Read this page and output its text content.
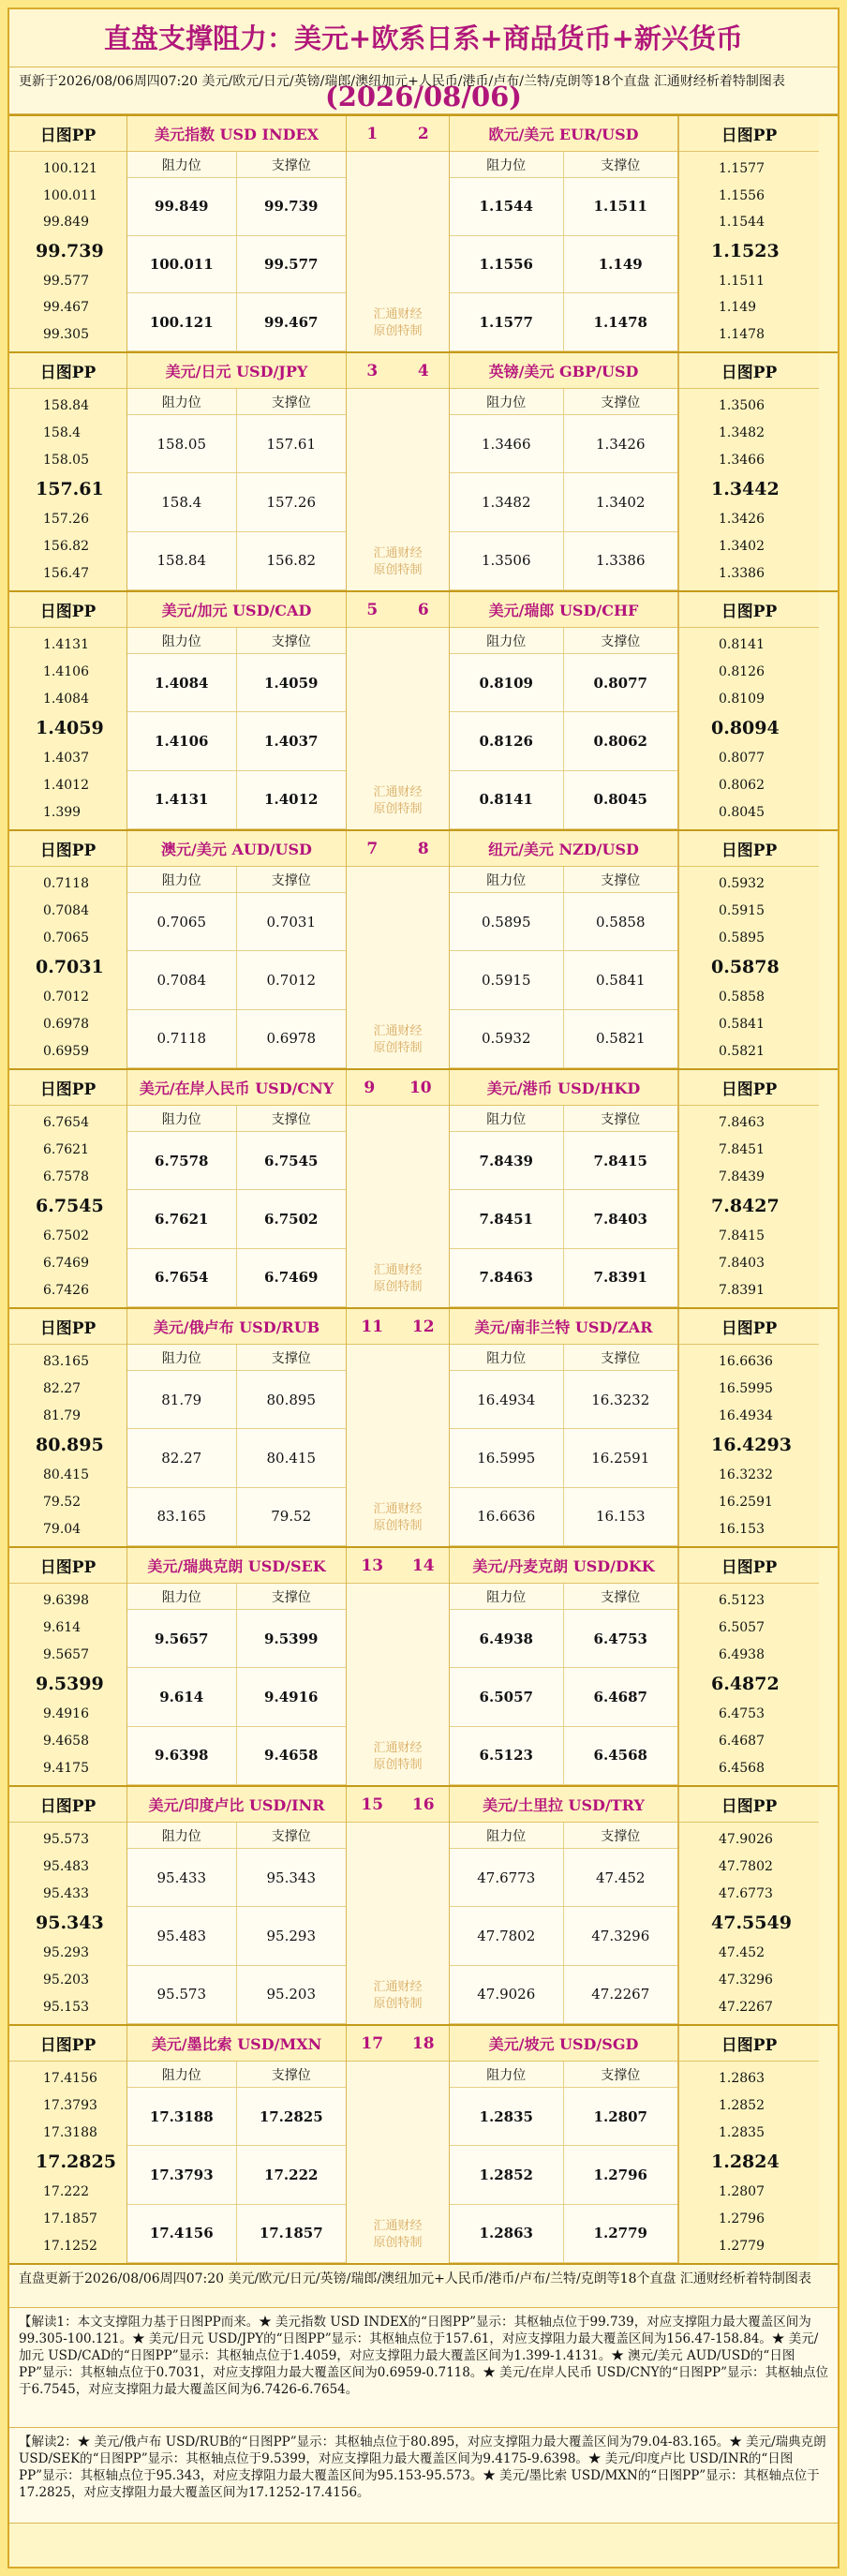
直盘支撑阻力：美元+欧系日系+商品货币+新兴货币(2026/08/06)
更新于2026/08/06周四07:20 美元/欧元/日元/英镑/瑞郎/澳纽加元+人民币/港币/卢布/兰特/克朗等18个直盘 汇通财经析着特制图表
日图PP
100.121
100.011
99.849
99.739
99.577
99.467
99.305
美元指数 USD INDEX
阻力位	支撑位
99.849	99.739
100.011	99.577
100.121	99.467
1	2
汇通财经
原创特制
欧元/美元 EUR/USD
阻力位	支撑位
1.1544	1.1511
1.1556	1.149
1.1577	1.1478
日图PP
1.1577
1.1556
1.1544
1.1523
1.1511
1.149
1.1478
日图PP
158.84
158.4
158.05
157.61
157.26
156.82
156.47
美元/日元 USD/JPY
阻力位	支撑位
158.05	157.61
158.4	157.26
158.84	156.82
3	4
汇通财经
原创特制
英镑/美元 GBP/USD
阻力位	支撑位
1.3466	1.3426
1.3482	1.3402
1.3506	1.3386
日图PP
1.3506
1.3482
1.3466
1.3442
1.3426
1.3402
1.3386
日图PP
1.4131
1.4106
1.4084
1.4059
1.4037
1.4012
1.399
美元/加元 USD/CAD
阻力位	支撑位
1.4084	1.4059
1.4106	1.4037
1.4131	1.4012
5	6
汇通财经
原创特制
美元/瑞郎 USD/CHF
阻力位	支撑位
0.8109	0.8077
0.8126	0.8062
0.8141	0.8045
日图PP
0.8141
0.8126
0.8109
0.8094
0.8077
0.8062
0.8045
日图PP
0.7118
0.7084
0.7065
0.7031
0.7012
0.6978
0.6959
澳元/美元 AUD/USD
阻力位	支撑位
0.7065	0.7031
0.7084	0.7012
0.7118	0.6978
7	8
汇通财经
原创特制
纽元/美元 NZD/USD
阻力位	支撑位
0.5895	0.5858
0.5915	0.5841
0.5932	0.5821
日图PP
0.5932
0.5915
0.5895
0.5878
0.5858
0.5841
0.5821
日图PP
6.7654
6.7621
6.7578
6.7545
6.7502
6.7469
6.7426
美元/在岸人民币 USD/CNY
阻力位	支撑位
6.7578	6.7545
6.7621	6.7502
6.7654	6.7469
9 10
汇通财经
原创特制
美元/港币 USD/HKD
阻力位	支撑位
7.8439	7.8415
7.8451	7.8403
7.8463	7.8391
日图PP
7.8463
7.8451
7.8439
7.8427
7.8415
7.8403
7.8391
日图PP
83.165
82.27
81.79
80.895
80.415
79.52
79.04
美元/俄卢布 USD/RUB
阻力位	支撑位
81.79	80.895
82.27	80.415
83.165	79.52
11 12
汇通财经
原创特制
美元/南非兰特 USD/ZAR
阻力位	支撑位
16.4934	16.3232
16.5995	16.2591
16.6636	16.153
日图PP
16.6636
16.5995
16.4934
16.4293
16.3232
16.2591
16.153
日图PP
9.6398
9.614
9.5657
9.5399
9.4916
9.4658
9.4175
美元/瑞典克朗 USD/SEK
阻力位	支撑位
9.5657	9.5399
9.614	9.4916
9.6398	9.4658
13 14
汇通财经
原创特制
美元/丹麦克朗 USD/DKK
阻力位	支撑位
6.4938	6.4753
6.5057	6.4687
6.5123	6.4568
日图PP
6.5123
6.5057
6.4938
6.4872
6.4753
6.4687
6.4568
日图PP
95.573
95.483
95.433
95.343
95.293
95.203
95.153
美元/印度卢比 USD/INR
阻力位	支撑位
95.433	95.343
95.483	95.293
95.573	95.203
15 16
汇通财经
原创特制
美元/土里拉 USD/TRY
阻力位	支撑位
47.6773	47.452
47.7802	47.3296
47.9026	47.2267
日图PP
47.9026
47.7802
47.6773
47.5549
47.452
47.3296
47.2267
日图PP
17.4156
17.3793
17.3188
17.2825
17.222
17.1857
17.1252
美元/墨比索 USD/MXN
阻力位	支撑位
17.3188	17.2825
17.3793	17.222
17.4156	17.1857
17 18
汇通财经
原创特制
美元/坡元 USD/SGD
阻力位	支撑位
1.2835	1.2807
1.2852	1.2796
1.2863	1.2779
日图PP
1.2863
1.2852
1.2835
1.2824
1.2807
1.2796
1.2779
直盘更新于2026/08/06周四07:20 美元/欧元/日元/英镑/瑞郎/澳纽加元+人民币/港币/卢布/兰特/克朗等18个直盘 汇通财经析着特制图表
【解读1：本文支撑阻力基于日图PP而来。★ 美元指数 USD INDEX的“日图PP”显示：其枢轴点位于99.739，对应支撑阻力最大覆盖区间为99.305-100.121。★ 美元/日元 USD/JPY的“日图PP”显示：其枢轴点位于157.61，对应支撑阻力最大覆盖区间为156.47-158.84。★ 美元/加元 USD/CAD的“日图PP”显示：其枢轴点位于1.4059，对应支撑阻力最大覆盖区间为1.399-1.4131。★ 澳元/美元 AUD/USD的“日图PP”显示：其枢轴点位于0.7031，对应支撑阻力最大覆盖区间为0.6959-0.7118。★ 美元/在岸人民币 USD/CNY的“日图PP”显示：其枢轴点位于6.7545，对应支撑阻力最大覆盖区间为6.7426-6.7654。
【解读2：★ 美元/俄卢布 USD/RUB的“日图PP”显示：其枢轴点位于80.895，对应支撑阻力最大覆盖区间为79.04-83.165。★ 美元/瑞典克朗 USD/SEK的“日图PP”显示：其枢轴点位于9.5399，对应支撑阻力最大覆盖区间为9.4175-9.6398。★ 美元/印度卢比 USD/INR的“日图PP”显示：其枢轴点位于95.343，对应支撑阻力最大覆盖区间为95.153-95.573。★ 美元/墨比索 USD/MXN的“日图PP”显示：其枢轴点位于17.2825，对应支撑阻力最大覆盖区间为17.1252-17.4156。
